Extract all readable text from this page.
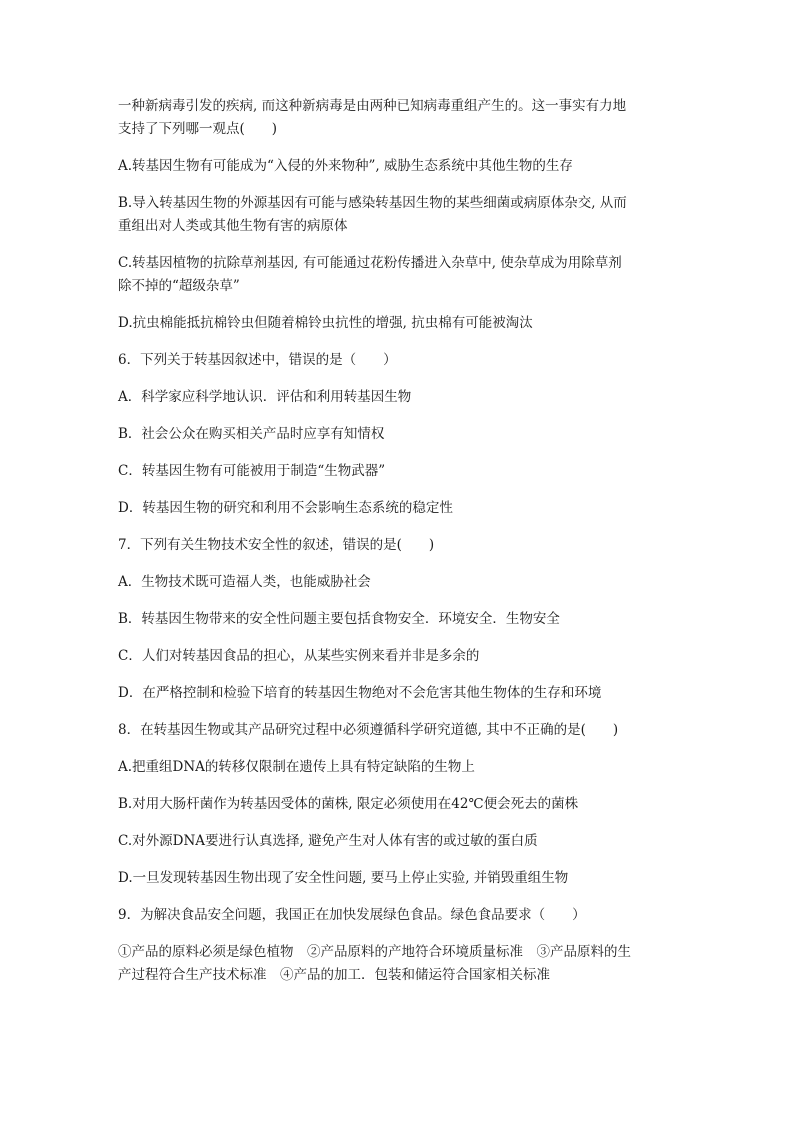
一种新病毒引发的疾病, 而这种新病毒是由两种已知病毒重组产生的。这一事实有力地

支持了下列哪一观点(　　)

A.转基因生物有可能成为“入侵的外来物种”, 威胁生态系统中其他生物的生存

B.导入转基因生物的外源基因有可能与感染转基因生物的某些细菌或病原体杂交, 从而

重组出对人类或其他生物有害的病原体

C.转基因植物的抗除草剂基因, 有可能通过花粉传播进入杂草中, 使杂草成为用除草剂

除不掉的“超级杂草”

D.抗虫棉能抵抗棉铃虫但随着棉铃虫抗性的增强, 抗虫棉有可能被淘汰

6．下列关于转基因叙述中，错误的是（　　）

A．科学家应科学地认识．评估和利用转基因生物

B．社会公众在购买相关产品时应享有知情权

C．转基因生物有可能被用于制造“生物武器”

D．转基因生物的研究和利用不会影响生态系统的稳定性

7．下列有关生物技术安全性的叙述，错误的是(　　)

A．生物技术既可造福人类，也能威胁社会

B．转基因生物带来的安全性问题主要包括食物安全．环境安全．生物安全

C．人们对转基因食品的担心，从某些实例来看并非是多余的

D．在严格控制和检验下培育的转基因生物绝对不会危害其他生物体的生存和环境

8．在转基因生物或其产品研究过程中必须遵循科学研究道德, 其中不正确的是(　　)

A.把重组DNA的转移仅限制在遗传上具有特定缺陷的生物上

B.对用大肠杆菌作为转基因受体的菌株, 限定必须使用在42℃便会死去的菌株

C.对外源DNA要进行认真选择, 避免产生对人体有害的或过敏的蛋白质

D.一旦发现转基因生物出现了安全性问题, 要马上停止实验, 并销毁重组生物

9．为解决食品安全问题，我国正在加快发展绿色食品。绿色食品要求（　　）

①产品的原料必须是绿色植物　②产品原料的产地符合环境质量标准　③产品原料的生

产过程符合生产技术标准　④产品的加工．包装和储运符合国家相关标准
